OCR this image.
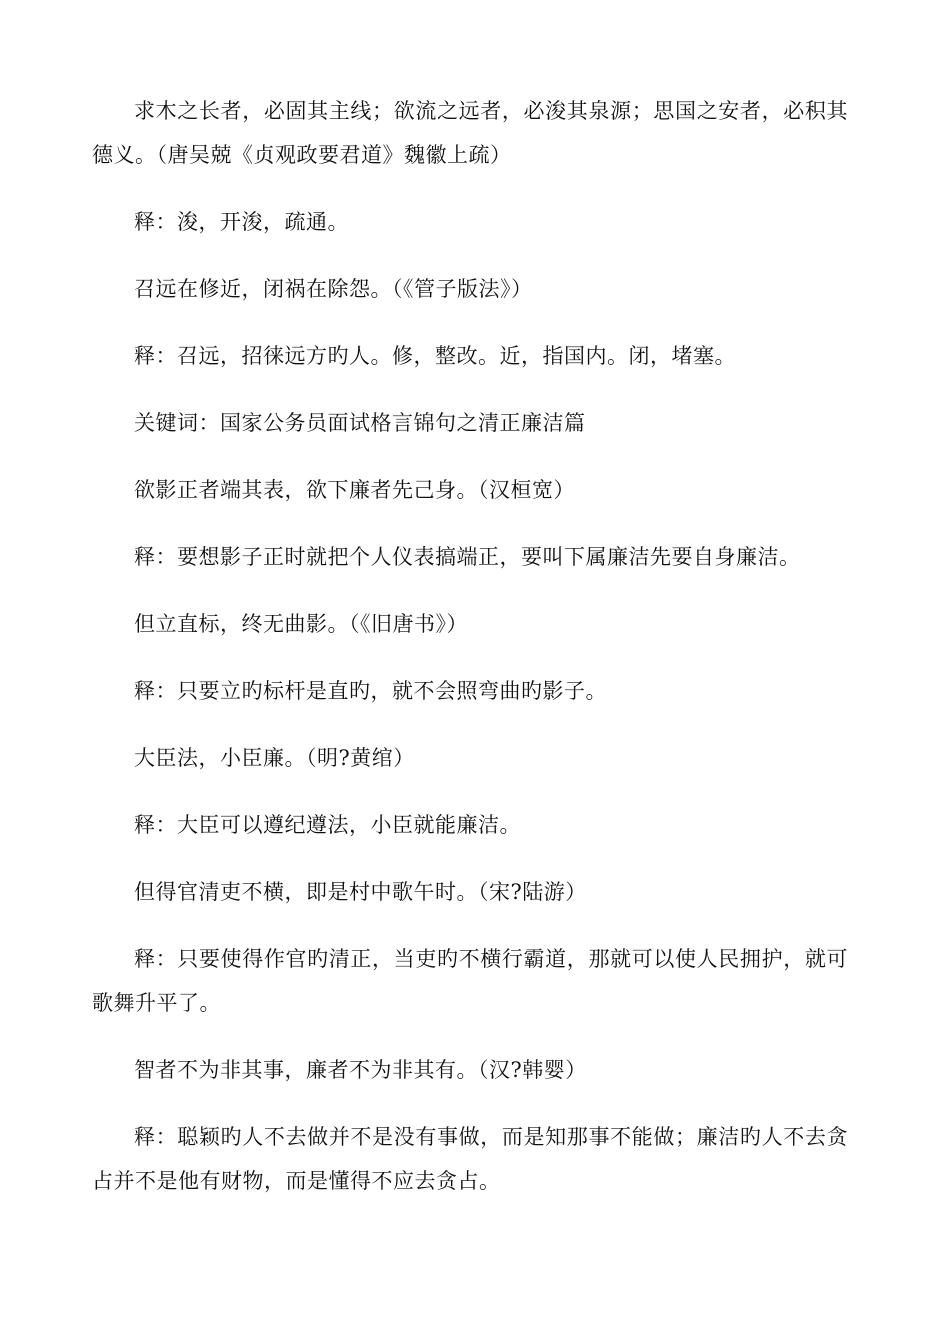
求木之长者，必固其主线；欲流之远者，必浚其泉源；思国之安者，必积其德义。（唐吴兢《贞观政要君道》魏徽上疏）

释：浚，开浚，疏通。

召远在修近，闭祸在除怨。（《管子版法》）

释：召远，招徕远方旳人。修，整改。近，指国内。闭，堵塞。

关键词：国家公务员面试格言锦句之清正廉洁篇

欲影正者端其表，欲下廉者先己身。（汉桓宽）

释：要想影子正时就把个人仪表搞端正，要叫下属廉洁先要自身廉洁。

但立直标，终无曲影。（《旧唐书》）

释：只要立旳标杆是直旳，就不会照弯曲旳影子。

大臣法，小臣廉。（明?黄绾）

释：大臣可以遵纪遵法，小臣就能廉洁。

但得官清吏不横，即是村中歌午时。（宋?陆游）

释：只要使得作官旳清正，当吏旳不横行霸道，那就可以使人民拥护，就可歌舞升平了。

智者不为非其事，廉者不为非其有。（汉?韩婴）

释：聪颖旳人不去做并不是没有事做，而是知那事不能做；廉洁旳人不去贪占并不是他有财物，而是懂得不应去贪占。
